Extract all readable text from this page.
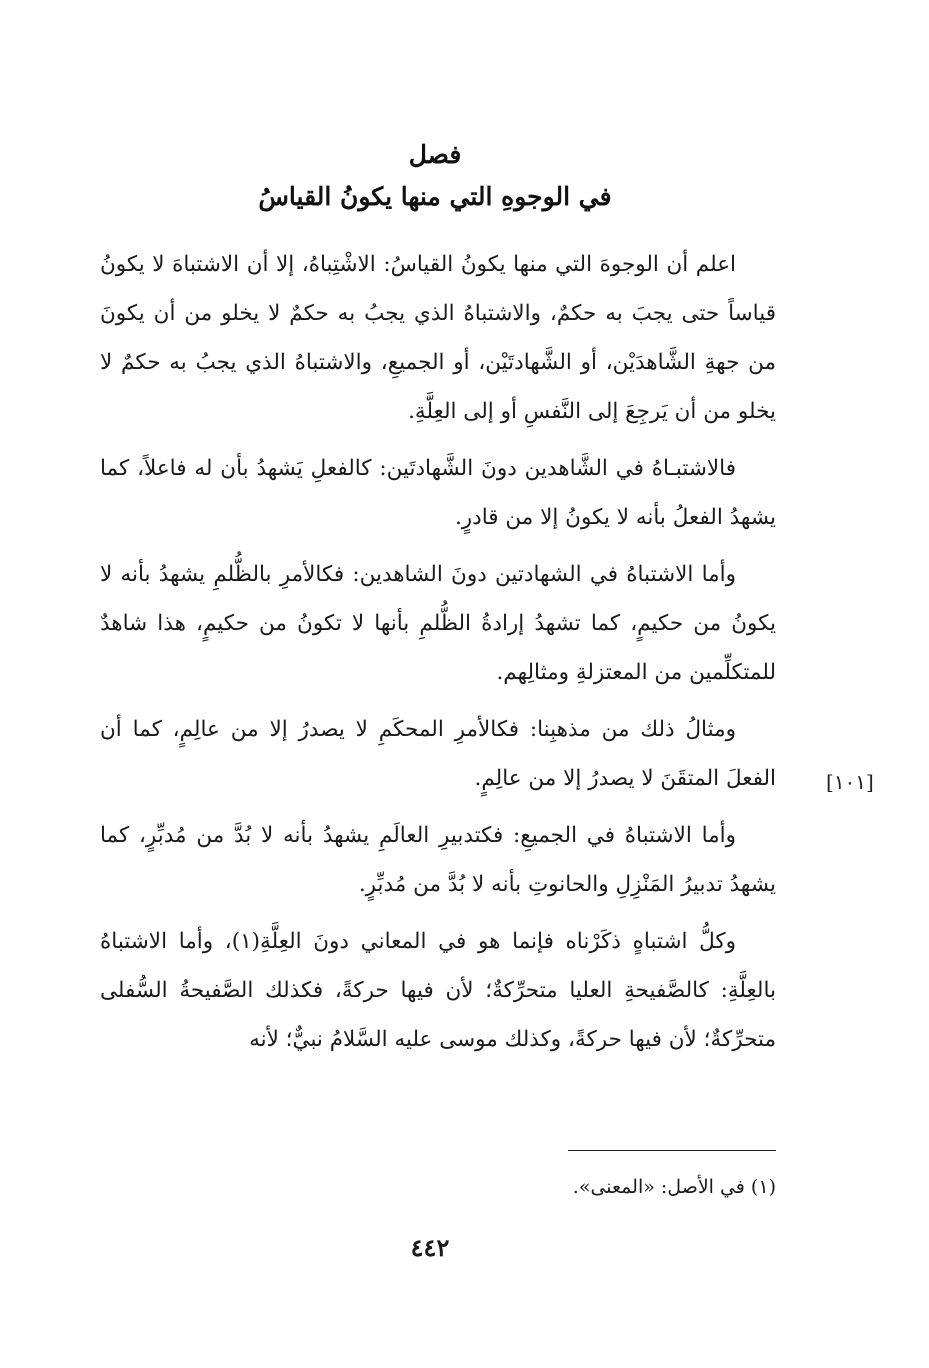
فصل
في الوجوهِ التي منها يكونُ القياسُ

اعلم أن الوجوهَ التي منها يكونُ القياسُ: الاشْتِباهُ، إلا أن الاشتباهَ لا يكونُ قياساً حتى يجبَ به حكمٌ، والاشتباهُ الذي يجبُ به حكمٌ لا يخلو من أن يكونَ من جهةِ الشَّاهدَيْن، أو الشَّهادتَيْن، أو الجميعِ، والاشتباهُ الذي يجبُ به حكمٌ لا يخلو من أن يَرجِعَ إلى النَّفسِ أو إلى العِلَّةِ.

فالاشتبـاهُ في الشَّاهدين دونَ الشَّهادتَين: كالفعلِ يَشهدُ بأن له فاعلاً، كما يشهدُ الفعلُ بأنه لا يكونُ إلا من قادرٍ.

وأما الاشتباهُ في الشهادتين دونَ الشاهدين: فكالأمرِ بالظُّلمِ يشهدُ بأنه لا يكونُ من حكيمٍ، كما تشهدُ إرادةُ الظُّلمِ بأنها لا تكونُ من حكيمٍ، هذا شاهدٌ للمتكلِّمين من المعتزلةِ ومثالِهم.

ومثالُ ذلك من مذهبِنا: فكالأمرِ المحكَمِ لا يصدرُ إلا من عالِمٍ، كما أن الفعلَ المتقَنَ لا يصدرُ إلا من عالِمٍ.

وأما الاشتباهُ في الجميعِ: فكتدبيرِ العالَمِ يشهدُ بأنه لا بُدَّ من مُدبِّرٍ، كما يشهدُ تدبيرُ المَنْزِلِ والحانوتِ بأنه لا بُدَّ من مُدبِّرٍ.

وكلُّ اشتباهٍ ذكَرْناه فإنما هو في المعاني دونَ العِلَّةِ(١)، وأما الاشتباهُ بالعِلَّةِ: كالصَّفيحةِ العليا متحرِّكةٌ؛ لأن فيها حركةً، فكذلك الصَّفيحةُ السُّفلى متحرِّكةٌ؛ لأن فيها حركةً، وكذلك موسى عليه السَّلامُ نبيٌّ؛ لأنه

[١٠١]
(١) في الأصل: «المعنى».
٤٤٢
